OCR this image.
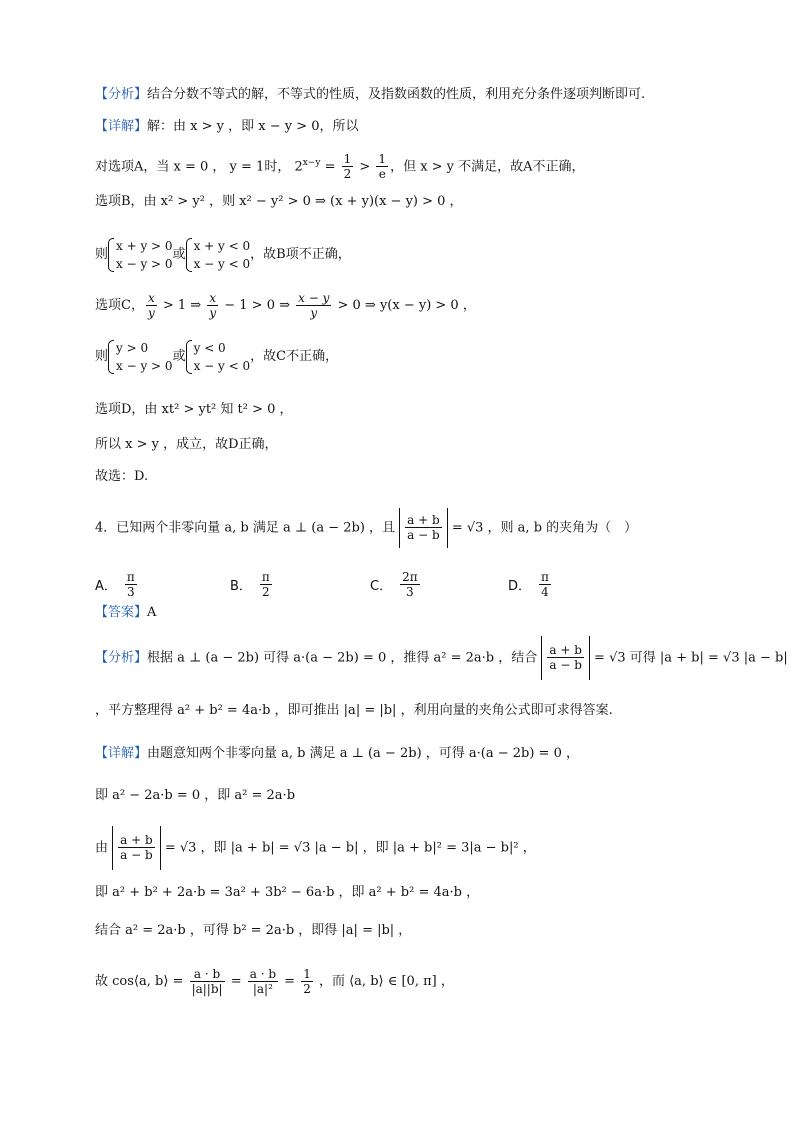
【分析】结合分数不等式的解，不等式的性质，及指数函数的性质，利用充分条件逐项判断即可.
【详解】解：由 x > y ，即 x − y > 0，所以
对选项A，当 x = 0 ， y = 1时， $2^{x-y} = \frac{1}{2} > \frac{1}{e}$ ，但 x > y 不满足，故A不正确，
选项B，由 x² > y² ，则 x² − y² > 0 ⇒ (x + y)(x − y) > 0 ，
则
x + y > 0
x − y > 0
或
x + y < 0
x − y < 0
，故B项不正确，
选项C， $\frac{x}{y} > 1$ ⇒ $\frac{x}{y} - 1 > 0$ ⇒ $\frac{x - y}{y} > 0$ ⇒ y(x − y) > 0 ，
则
y > 0
x − y > 0
或
y < 0
x − y < 0
，故C不正确，
选项D，由 xt² > yt² 知 t² > 0 ，
所以 x > y ，成立，故D正确，
故选：D.
4．已知两个非零向量 a, b 满足 a ⊥ (a − 2b) ，且 $\frac{a + b}{a - b} = √3$ ，则 a, b 的夹角为（　）
A． $\frac{\pi}{3}$	B． $\frac{\pi}{2}$	C． $\frac{2\pi}{3}$	D． $\frac{\pi}{4}$
【答案】A
【分析】根据 a ⊥ (a − 2b) 可得 a·(a − 2b) = 0 ，推得 a² = 2a·b ，结合 $\frac{a + b}{a - b} = √3$ 可得 |a + b| = √3 |a − b|
，平方整理得 a² + b² = 4a·b ，即可推出 |a| = |b| ，利用向量的夹角公式即可求得答案.
【详解】由题意知两个非零向量 a, b 满足 a ⊥ (a − 2b) ，可得 a·(a − 2b) = 0 ，
即 a² − 2a·b = 0 ，即 a² = 2a·b
由 $\frac{a + b}{a - b} = √3$ ，即 |a + b| = √3 |a − b| ，即 |a + b|² = 3|a − b|² ，
即 a² + b² + 2a·b = 3a² + 3b² − 6a·b ，即 a² + b² = 4a·b ，
结合 a² = 2a·b ，可得 b² = 2a·b ，即得 |a| = |b| ，
故 cos⟨a, b⟩ = $\frac{a \cdot b}{|a||b|} = \frac{a \cdot b}{\text{|a|²}} = \frac{1}{2}$ ，而 ⟨a, b⟩ ∈ [0, π] ，
